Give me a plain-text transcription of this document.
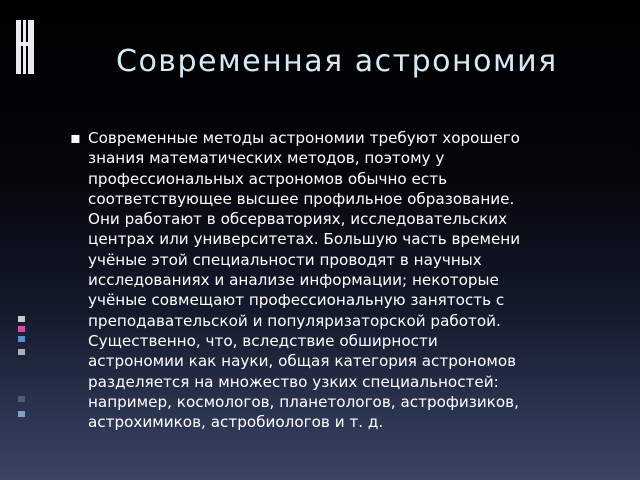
Современная астрономия
▪ Современные методы астрономии требуют хорошего
знания математических методов, поэтому у
профессиональных астрономов обычно есть
соответствующее высшее профильное образование.
Они работают в обсерваториях, исследовательских
центрах или университетах. Большую часть времени
учёные этой специальности проводят в научных
исследованиях и анализе информации; некоторые
учёные совмещают профессиональную занятость с
преподавательской и популяризаторской работой.
Существенно, что, вследствие обширности
астрономии как науки, общая категория астрономов
разделяется на множество узких специальностей:
например, космологов, планетологов, астрофизиков,
астрохимиков, астробиологов и т. д.
